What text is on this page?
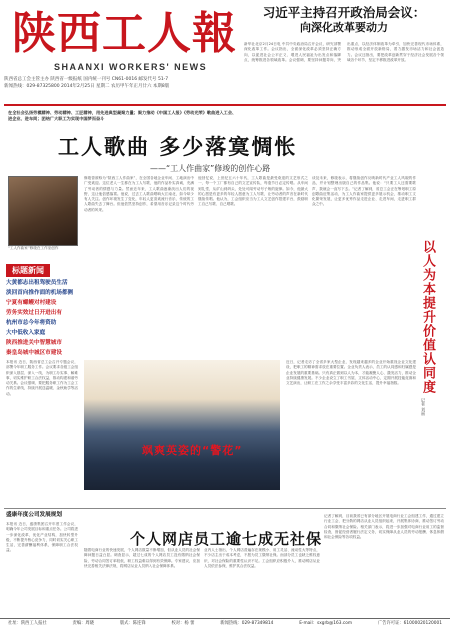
陕西工人報
SHAANXI WORKERS' NEWS
陕西省总工会主管主办 陕西省一级报纸 国内统一刊号 CN61-0016 邮发代号 51-7
新闻热线：029-87325800 2014年2月25日 星期二 农历甲午年正月廿六 本期8版
习近平主持召开政治局会议：
向深化改革要动力
新华社北京2月24日电 中共中央政治局召开会议，研究部署深化改革工作。会议指出，全面深化改革必须坚持正确方向，以促进社会公平正义、增进人民福祉为出发点和落脚点，统筹推进各领域改革。会议强调，要坚持问题导向，突出重点，以经济体制改革为牵引，加快完善现代市场体系，推动形成全面开放新格局，着力激发市场活力和社会创造力。会议还指出，要把改革创新贯穿于经济社会发展各个领域各个环节，坚定不移推进改革开放。
在全社会弘扬劳模精神、劳动精神、工匠精神，用先进典型凝聚力量；聚力推动《中国工人报》《劳动光荣》歌曲进入工会、进企业、进车间；团结广大职工为实现中国梦而奋斗
工人歌曲 多少落寞惆怅
——“工人作曲家”修竣的创作心路
“工人作曲家”修竣在工作室创作
修竣曾被称为“陕西工人作曲家”，在全国各地企业车间、工地演出中广受欢迎。这位老人一生都在为工人写歌，他的作品朴实真诚，充满了劳动者的情感与力量。然而近年来，工人歌曲逐渐淡出人们的视野，这让他倍感落寞。他说，过去工人歌曲唱响大江南北，如今却少有人关注。创作环境发生了变化，年轻人更喜欢流行音乐，传统的工人歌曲失去了舞台。但他依然坚持创作，希望用音乐记录这个时代劳动者的风采。
他回忆说，上世纪五六十年代，工人歌曲是最受欢迎的文艺形式之一，每一个工厂都有自己的文艺宣传队，每逢节日必定传唱。从车间到礼堂，从矿山到码头，处处可闻劳动号子般的旋律。如今，他最大的心愿是有更多的年轻人愿意为工人写歌，让劳动者的声音在新时代继续传唱。他认为，工会组织应当为工人文艺创作搭建平台，鼓励职工自己写歌、自己唱歌。
谈及未来，修竣表示，将继续创作反映新时代产业工人风貌的作品，并计划整理出版自己的作品集。他说：“只要工人还需要歌声，我就会一直写下去。”记者了解到，省总工会正在筹划职工原创歌曲征集活动，为工人作曲家提供更多展示机会，推动职工文化繁荣发展，让更多优秀作品走进企业、走进车间，走进职工群众之中。
标题新闻
大黄都志出租驾驶员生活
淡回首向推作面的机场都侧
宁夏有螺鳗对村建设
劳务实效过日开进出有
杭州市总今年将资助
大中低收入家庭
陕西推进关中智慧城市
秦皇岛城中城区市建设
本报讯 近日，陕西省总工会召开专题会议，部署今年职工服务工作。会议要求各级工会组织深入基层、深入一线，为职工办实事、解难事，切实维护职工合法权益，推动构建和谐劳动关系。会议强调，要把服务职工作为工会工作的生命线，持续开展送温暖、金秋助学等活动。
飒爽英姿的“警花”
近日，记者走访了全省多家大型企业，发现越来越多的企业开始重视企业文化建设，把职工的精神需求放在重要位置。企业负责人表示，员工的认同感和归属感是企业发展的重要基础。只有真正做到以人为本，才能凝聚人心、激发活力，推动企业持续健康发展。不少企业设立了职工书屋、文体活动中心，定期开展技能竞赛和文艺演出，让职工在工作之余享受丰富多彩的文化生活，提升幸福指数。	以人为本提升价值认同度
记者 刘丽
盛康年度公司发展规划
本报讯 近日，盛康集团召开年度工作会议，明确今年公司发展目标和重点任务。公司将进一步深化改革，优化产业结构，加快转型升级，不断提升核心竞争力，同时切实关心职工生活，完善薪酬福利体系，保障职工合法权益。
个人网店员工逾七成无社保
随着电商行业的快速发展，个人网店数量不断增加，但从业人员的社会保障问题日益凸显。调查显示，超过七成的个人网店员工没有缴纳社会保险，劳动合同签订率较低，职工权益难以得到有效保障。专家建议，应加快完善相关法律法规，将网店从业人员纳入社会保障体系。
业内人士指出，个人网店普遍存在规模小、用工灵活、流动性大等特点，不少店主出于成本考虑，不愿为员工缴纳社保。而部分员工也缺乏维权意识，对社会保险的重要性认识不足。工会组织应积极介入，推动网店从业人员依法参保，维护其合法权益。
记者了解到，目前我省已有部分地区开展电商行业工会组建工作，通过建立行业工会，把分散的网店从业人员组织起来，开展集体协商，推动签订劳动合同和缴纳社会保险。相关部门表示，将进一步加强对电商行业用工的监督检查，督促经营者履行法定义务，切实保障从业人员的劳动报酬、休息休假和社会保险等各项权益。
社址：陕西工人报社	责编：周晓	版式：陈连锋	校对：杨 蕾	新闻热线：029-87349814	E-mail：sxgrb@163.com	广告许可证：61000020120001
